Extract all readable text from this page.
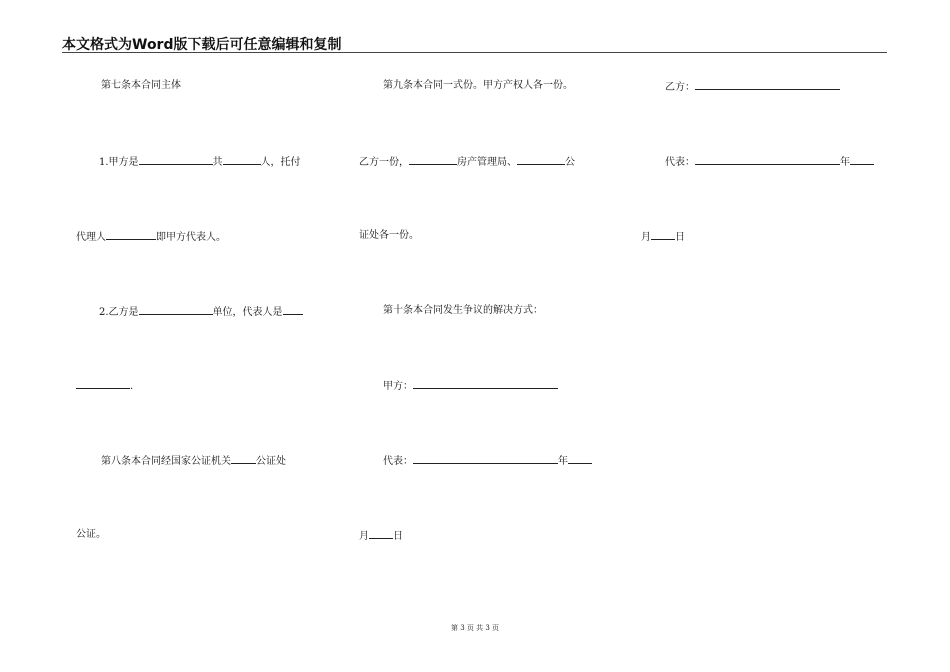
本文格式为Word版下载后可任意编辑和复制
第七条本合同主体
1.甲方是	共	人，托付
代理人	即甲方代表人。
2.乙方是	单位，代表人是
.
第八条本合同经国家公证机关	公证处
公证。
第九条本合同一式份。甲方产权人各一份。
乙方一份，	房产管理局、	公
证处各一份。
第十条本合同发生争议的解决方式：
甲方：
代表：	年
月 日
乙方：
代表：	年
月 日
第 3 页 共 3 页
